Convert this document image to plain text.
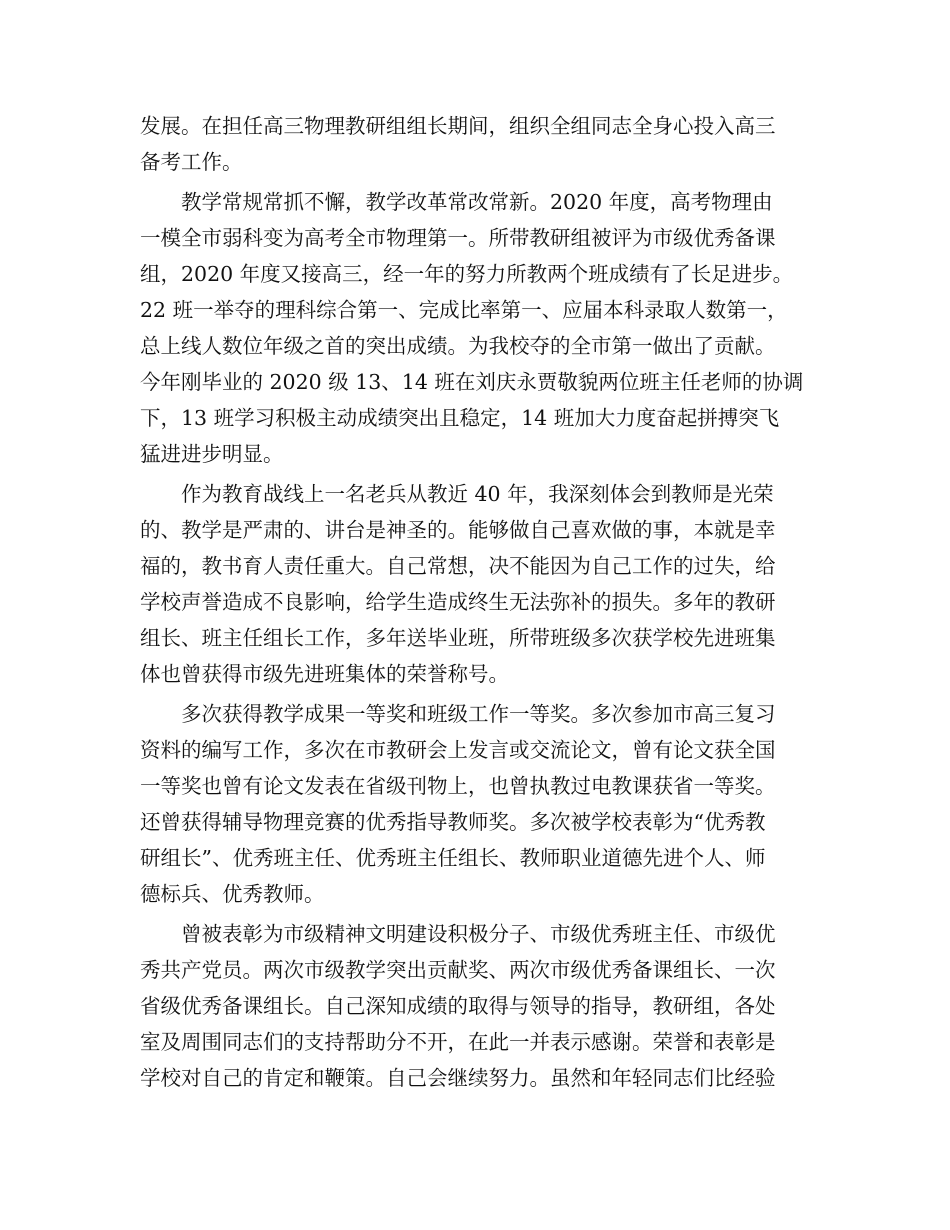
发展。在担任高三物理教研组组长期间，组织全组同志全身心投入高三
备考工作。
　　教学常规常抓不懈，教学改革常改常新。2020 年度，高考物理由
一模全市弱科变为高考全市物理第一。所带教研组被评为市级优秀备课
组，2020 年度又接高三，经一年的努力所教两个班成绩有了长足进步。
22 班一举夺的理科综合第一、完成比率第一、应届本科录取人数第一，
总上线人数位年级之首的突出成绩。为我校夺的全市第一做出了贡献。
今年刚毕业的 2020 级 13、14 班在刘庆永贾敬貌两位班主任老师的协调
下，13 班学习积极主动成绩突出且稳定，14 班加大力度奋起拼搏突飞
猛进进步明显。
　　作为教育战线上一名老兵从教近 40 年，我深刻体会到教师是光荣
的、教学是严肃的、讲台是神圣的。能够做自己喜欢做的事，本就是幸
福的，教书育人责任重大。自己常想，决不能因为自己工作的过失，给
学校声誉造成不良影响，给学生造成终生无法弥补的损失。多年的教研
组长、班主任组长工作，多年送毕业班，所带班级多次获学校先进班集
体也曾获得市级先进班集体的荣誉称号。
　　多次获得教学成果一等奖和班级工作一等奖。多次参加市高三复习
资料的编写工作，多次在市教研会上发言或交流论文，曾有论文获全国
一等奖也曾有论文发表在省级刊物上，也曾执教过电教课获省一等奖。
还曾获得辅导物理竞赛的优秀指导教师奖。多次被学校表彰为“优秀教
研组长”、优秀班主任、优秀班主任组长、教师职业道德先进个人、师
德标兵、优秀教师。
　　曾被表彰为市级精神文明建设积极分子、市级优秀班主任、市级优
秀共产党员。两次市级教学突出贡献奖、两次市级优秀备课组长、一次
省级优秀备课组长。自己深知成绩的取得与领导的指导，教研组，各处
室及周围同志们的支持帮助分不开，在此一并表示感谢。荣誉和表彰是
学校对自己的肯定和鞭策。自己会继续努力。虽然和年轻同志们比经验
